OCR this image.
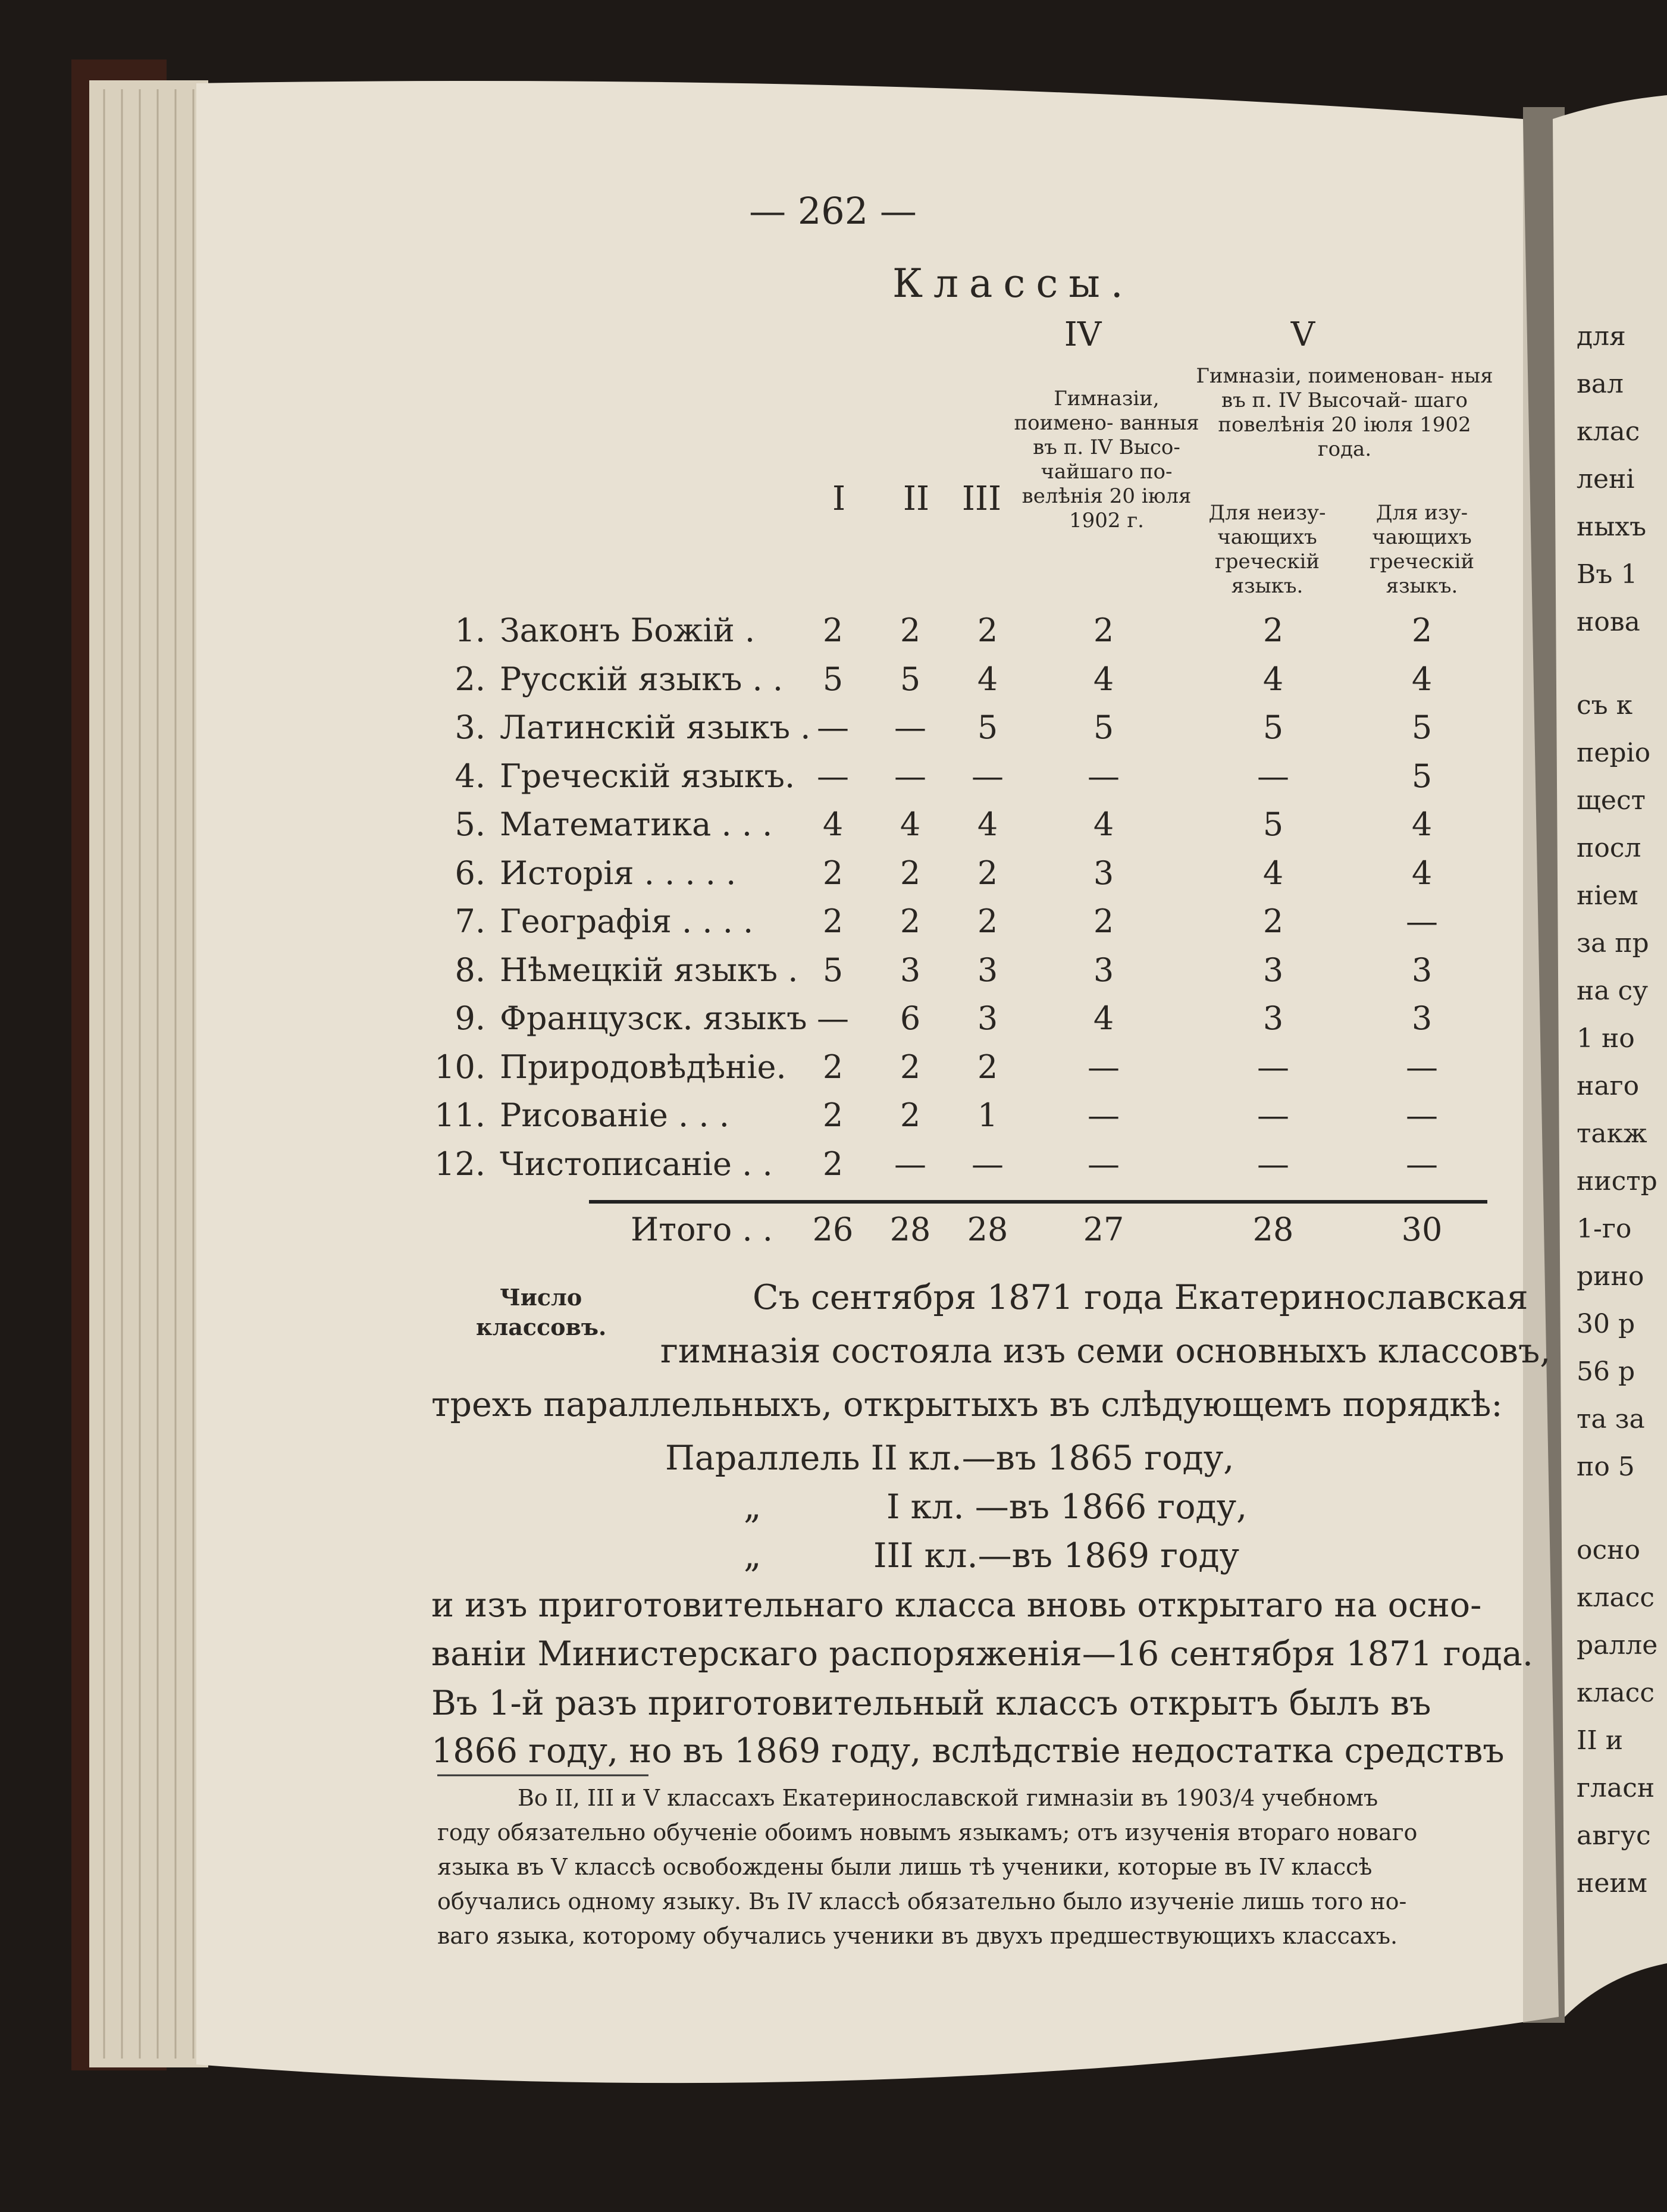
— 262 —
Классы.
IV	V
Гимназіи, поимено- ванныя въ п. IV Высо- чайшаго по- велѣнія 20 іюля 1902 г.
Гимназіи, поименован- ныя въ п. IV Высочай- шаго повелѣнія 20 іюля 1902 года.
Для неизу- чающихъ греческій языкъ.
Для изу- чающихъ греческій языкъ.
I	II III
1. Законъ Божій .	2	2	2	2	2	2
2. Русскій языкъ . .	5	5	4	4	4	4
3. Латинскій языкъ . —	—	5	5	5	5
4. Греческій языкъ. —	—	—	—	—	5
5. Математика . . .	4	4	4	4	5	4
6. Исторія . . . . .	2	2	2	3	4	4
7. Географія . . . .	2	2	2	2	2	—
8. Нѣмецкій языкъ . 5	3	3	3	3	3
9. Французск. языкъ —	6	3	4	3	3
10. Природовѣдѣніе.	2	2	2	—	—	—
11. Рисованіе . . .	2	2	1	—	—	—
12. Чистописаніе . .	2	—	—	—	—	—
Итого . .	26	28	28	27	28	30
Число
классовъ.
Съ сентября 1871 года Екатеринославская
гимназія состояла изъ семи основныхъ классовъ,
трехъ параллельныхъ, открытыхъ въ слѣдующемъ порядкѣ:
Параллель II кл.—въ 1865 году,
„	I кл. —въ 1866 году,
„	III кл.—въ 1869 году
и изъ приготовительнаго класса вновь открытаго на осно-
ваніи Министерскаго распоряженія—16 сентября 1871 года.
Въ 1-й разъ приготовительный классъ открытъ былъ въ
1866 году, но въ 1869 году, вслѣдствіе недостатка средствъ
Во II, III и V классахъ Екатеринославской гимназіи въ 1903/4 учебномъ
году обязательно обученіе обоимъ новымъ языкамъ; отъ изученія втораго новаго
языка въ V классѣ освобождены были лишь тѣ ученики, которые въ IV классѣ
обучались одному языку. Въ IV классѣ обязательно было изученіе лишь того но-
ваго языка, которому обучались ученики въ двухъ предшествующихъ классахъ.
для
вал
клас
лені
ныхъ
Въ 1
нова
съ к
періо
щест
посл
ніем
за пр
на су
1 но
наго
такж
нистр
1-го
рино
30 р
56 р
та за
по 5
осно
класс
ралле
класс
II и
гласн
авгус
неим
